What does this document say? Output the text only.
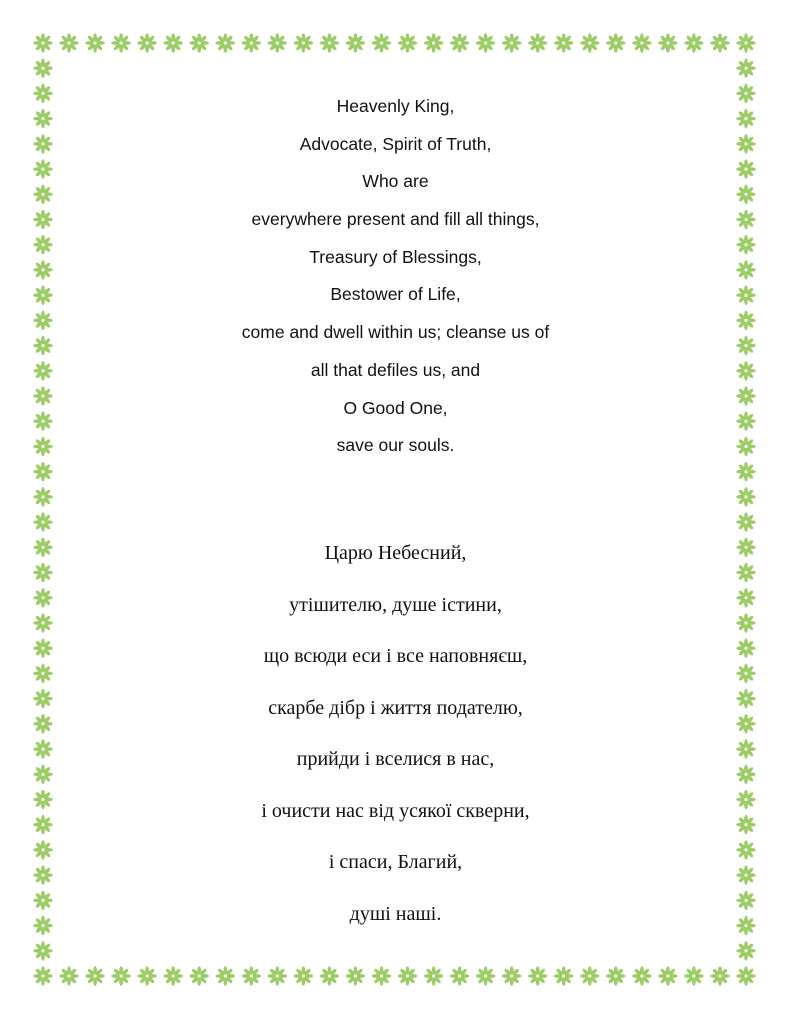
Heavenly King,
Advocate, Spirit of Truth,
Who are
everywhere present and fill all things,
Treasury of Blessings,
Bestower of Life,
come and dwell within us; cleanse us of
all that defiles us, and
O Good One,
save our souls.
Царю Небесний,
утішителю, душе істини,
що всюди еси і все наповняєш,
скарбе дібр і життя подателю,
прийди і вселися в нас,
і очисти нас від усякої скверни,
і спаси, Благий,
душі наші.
